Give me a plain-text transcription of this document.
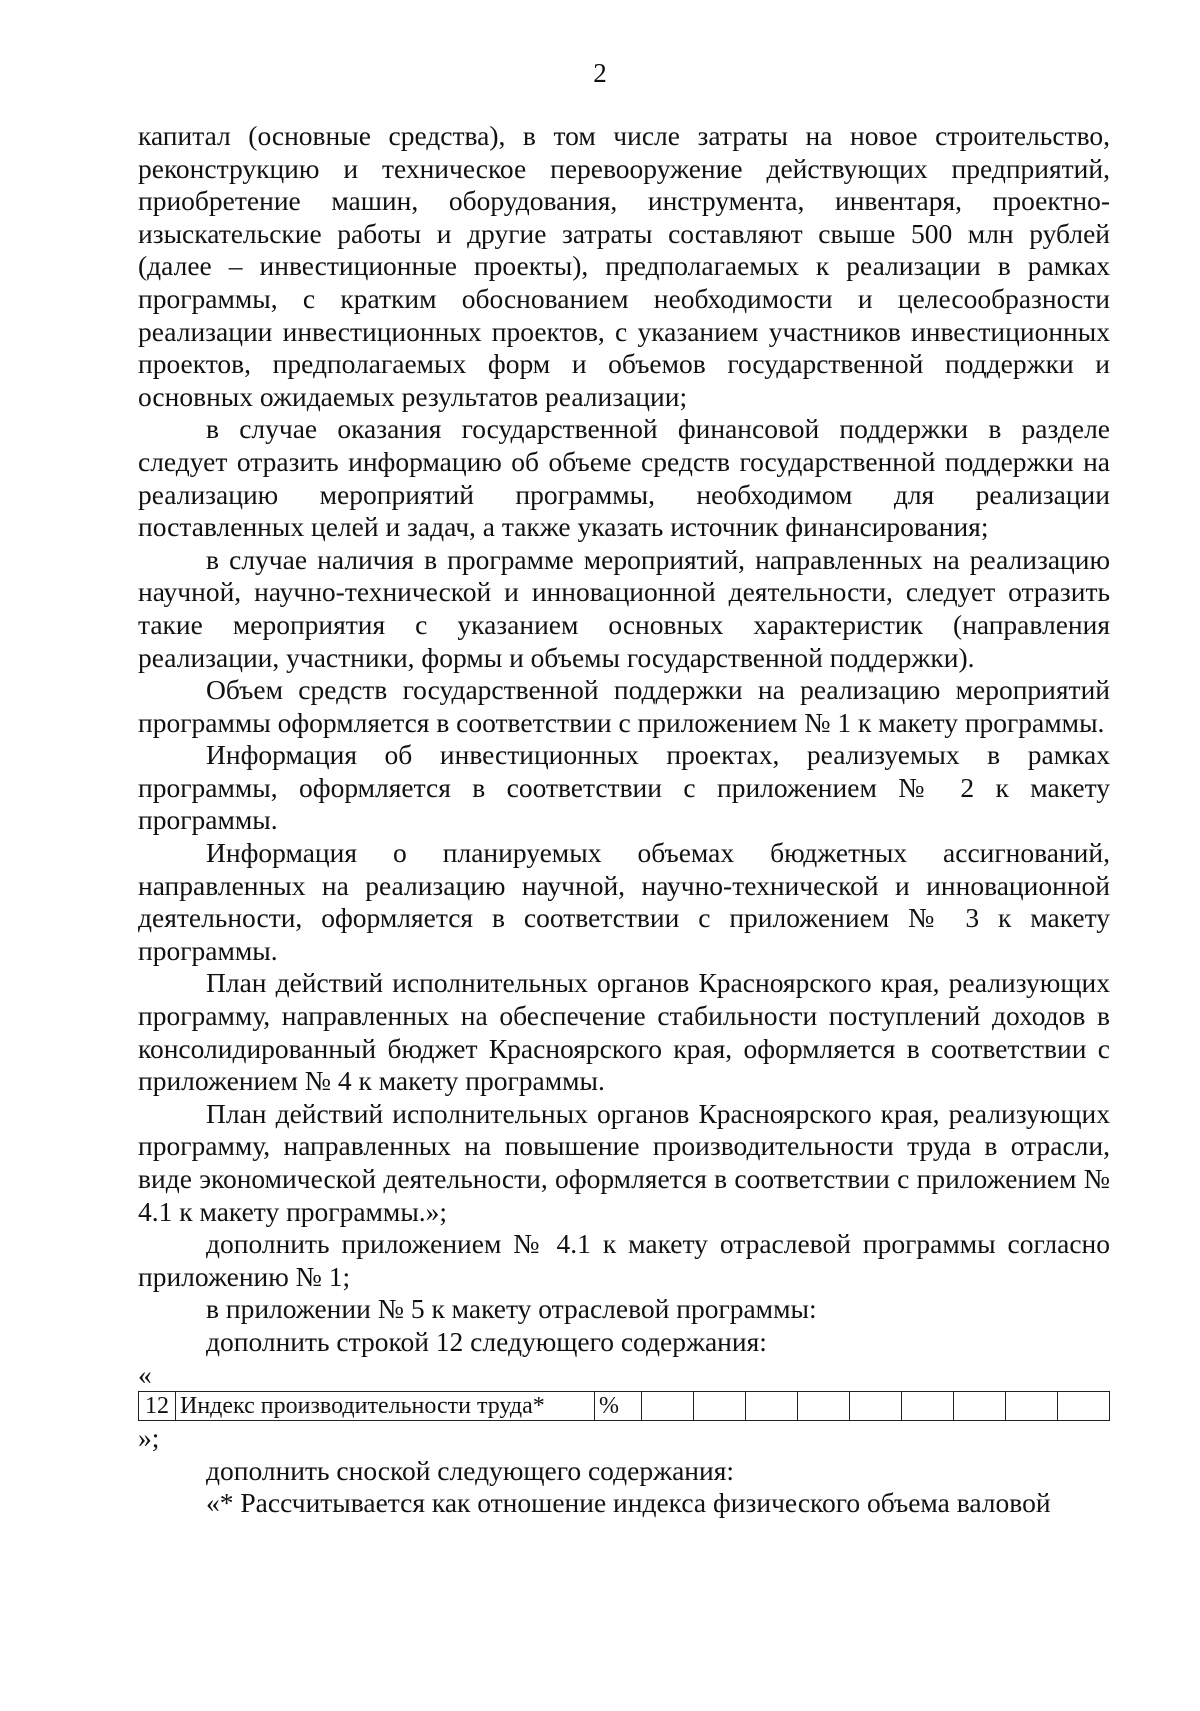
2

капитал (основные средства), в том числе затраты на новое строительство, реконструкцию и техническое перевооружение действующих предприятий, приобретение машин, оборудования, инструмента, инвентаря, проектно-изыскательские работы и другие затраты составляют свыше 500 млн рублей (далее – инвестиционные проекты), предполагаемых к реализации в рамках программы, с кратким обоснованием необходимости и целесообразности реализации инвестиционных проектов, с указанием участников инвестиционных проектов, предполагаемых форм и объемов государственной поддержки и основных ожидаемых результатов реализации;

в случае оказания государственной финансовой поддержки в разделе следует отразить информацию об объеме средств государственной поддержки на реализацию мероприятий программы, необходимом для реализации поставленных целей и задач, а также указать источник финансирования;

в случае наличия в программе мероприятий, направленных на реализацию научной, научно-технической и инновационной деятельности, следует отразить такие мероприятия с указанием основных характеристик (направления реализации, участники, формы и объемы государственной поддержки).

Объем средств государственной поддержки на реализацию мероприятий программы оформляется в соответствии с приложением № 1 к макету программы.

Информация об инвестиционных проектах, реализуемых в рамках программы, оформляется в соответствии с приложением № 2 к макету программы.

Информация о планируемых объемах бюджетных ассигнований, направленных на реализацию научной, научно-технической и инновационной деятельности, оформляется в соответствии с приложением № 3 к макету программы.

План действий исполнительных органов Красноярского края, реализующих программу, направленных на обеспечение стабильности поступлений доходов в консолидированный бюджет Красноярского края, оформляется в соответствии с приложением № 4 к макету программы.

План действий исполнительных органов Красноярского края, реализующих программу, направленных на повышение производительности труда в отрасли, виде экономической деятельности, оформляется в соответствии с приложением № 4.1 к макету программы.»;

дополнить приложением № 4.1 к макету отраслевой программы согласно приложению № 1;

в приложении № 5 к макету отраслевой программы:

дополнить строкой 12 следующего содержания:

«

12	Индекс производительности труда*	%									

»;

дополнить сноской следующего содержания:

«* Рассчитывается как отношение индекса физического объема валовой
